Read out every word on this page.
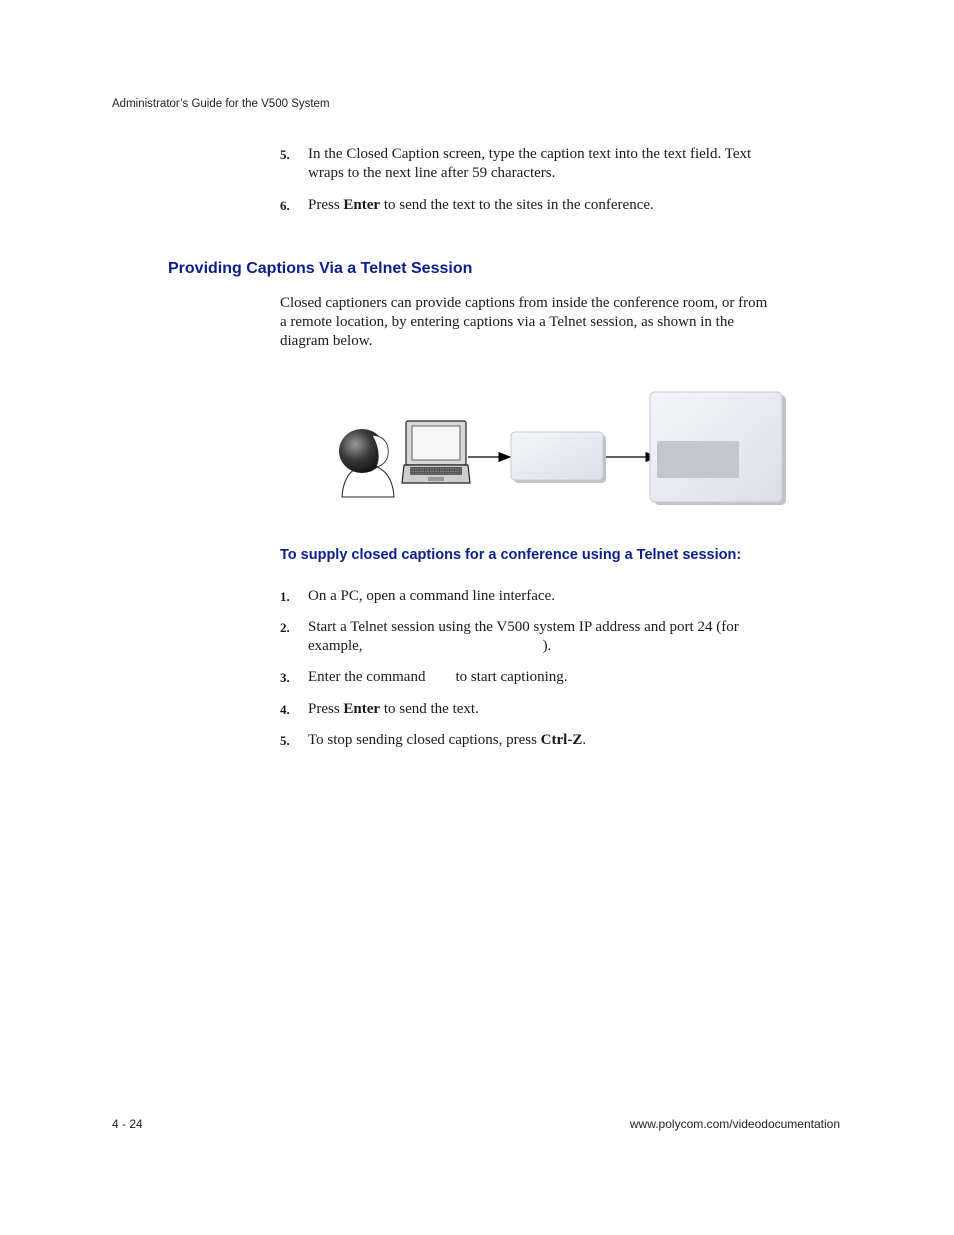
Administrator’s Guide for the V500 System
5. In the Closed Caption screen, type the caption text into the text field. Text
wraps to the next line after 59 characters.
6. Press Enter to send the text to the sites in the conference.
Providing Captions Via a Telnet Session
Closed captioners can provide captions from inside the conference room, or from
a remote location, by entering captions via a Telnet session, as shown in the
diagram below.
To supply closed captions for a conference using a Telnet session:
1. On a PC, open a command line interface.
2. Start a Telnet session using the V500 system IP address and port 24 (for
example,	).
3. Enter the command to start captioning.
4. Press Enter to send the text.
5. To stop sending closed captions, press Ctrl-Z.
4 - 24	www.polycom.com/videodocumentation
